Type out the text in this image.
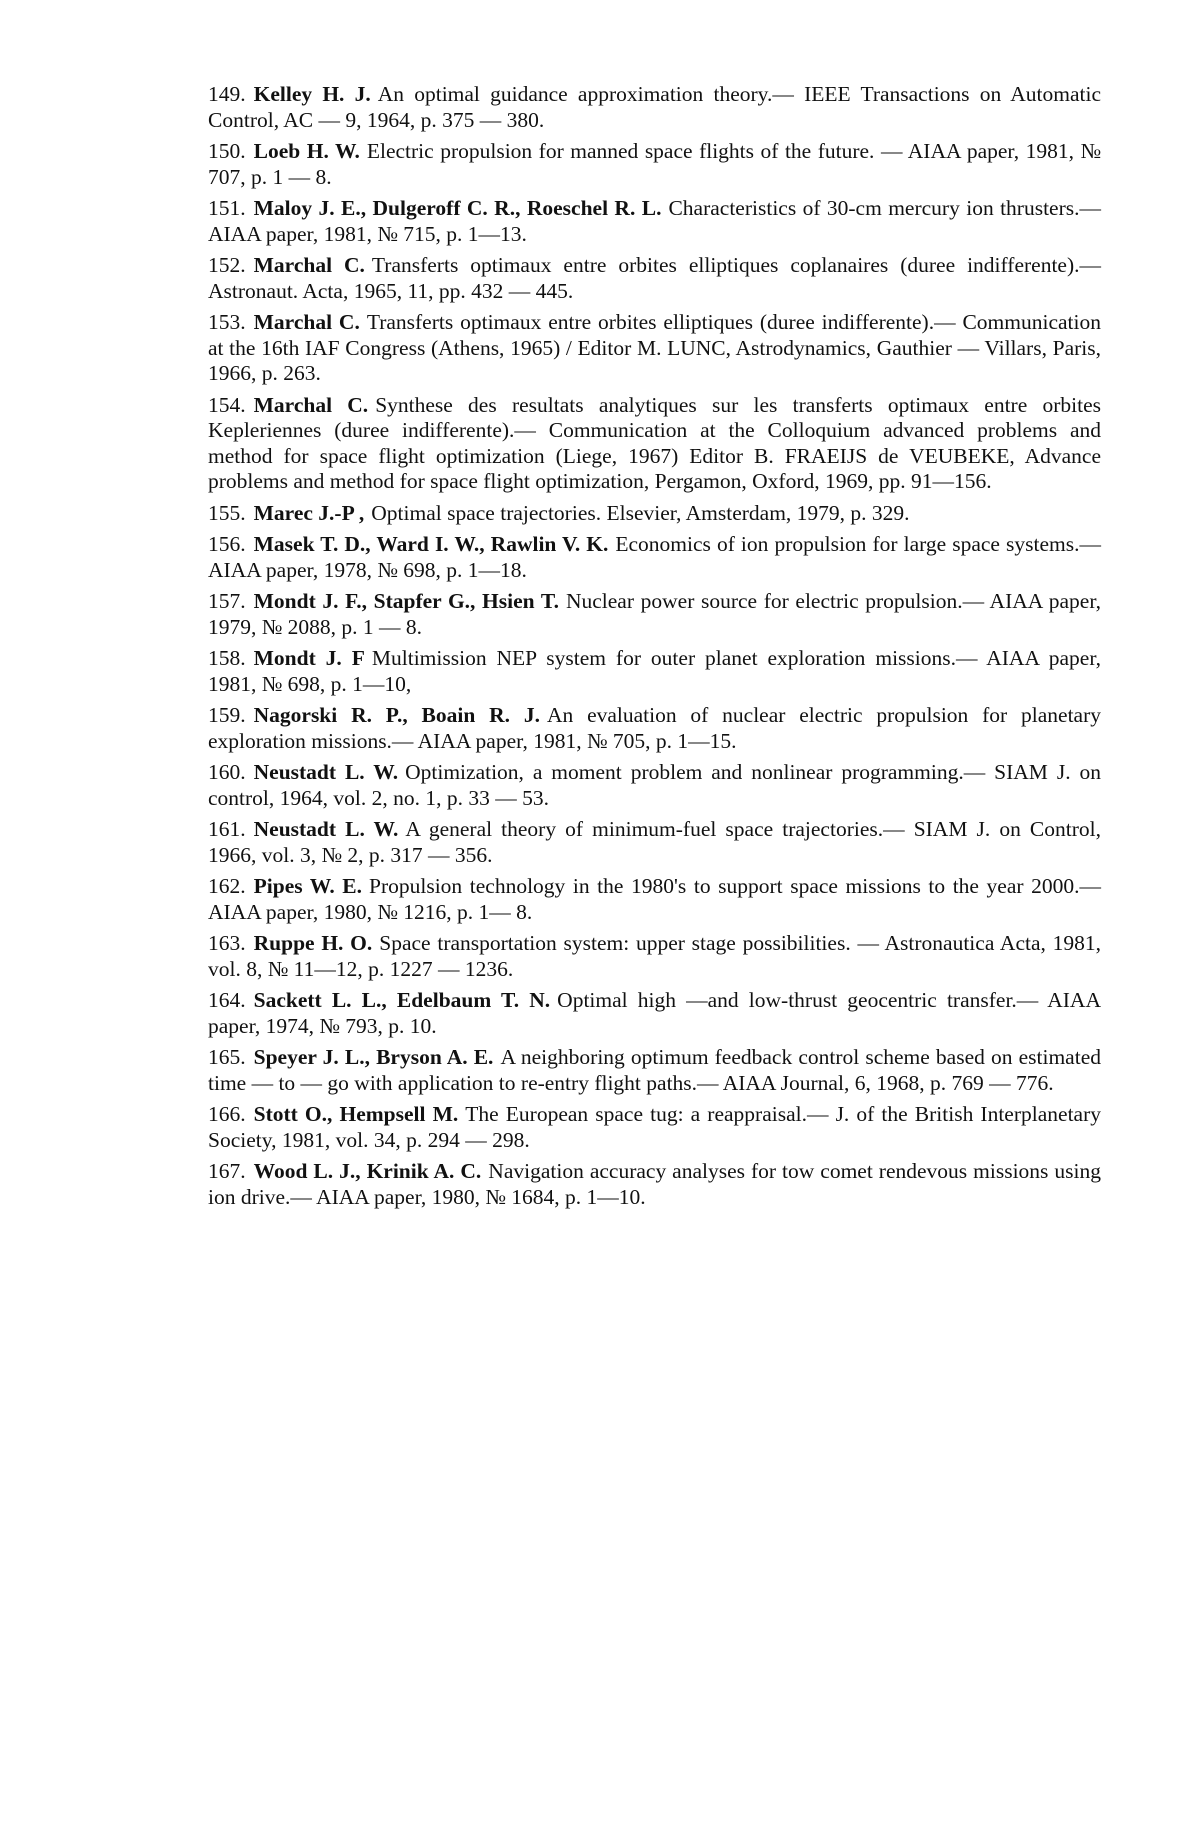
149. Kelley H. J. An optimal guidance approximation theory.— IEEE Transactions on Automatic Control, AC — 9, 1964, p. 375 — 380.

150. Loeb H. W. Electric propulsion for manned space flights of the future. — AIAA paper, 1981, № 707, p. 1 — 8.

151. Maloy J. E., Dulgeroff C. R., Roeschel R. L. Characteristics of 30-cm mercury ion thrusters.— AIAA paper, 1981, № 715, p. 1—13.

152. Marchal C. Transferts optimaux entre orbites elliptiques coplanaires (duree indifferente).—Astronaut. Acta, 1965, 11, pp. 432 — 445.

153. Marchal C. Transferts optimaux entre orbites elliptiques (duree indifferente).— Communication at the 16th IAF Congress (Athens, 1965) / Editor M. LUNC, Astrodynamics, Gauthier — Villars, Paris, 1966, p. 263.

154. Marchal C. Synthese des resultats analytiques sur les transferts optimaux entre orbites Kepleriennes (duree indifferente).— Communication at the Colloquium advanced problems and method for space flight optimization (Liege, 1967) Editor B. FRAEIJS de VEUBEKE, Advance problems and method for space flight optimization, Pergamon, Oxford, 1969, pp. 91—156.

155. Marec J.-P , Optimal space trajectories. Elsevier, Amsterdam, 1979, p. 329.

156. Masek T. D., Ward I. W., Rawlin V. K. Economics of ion propulsion for large space systems.— AIAA paper, 1978, № 698, p. 1—18.

157. Mondt J. F., Stapfer G., Hsien T. Nuclear power source for electric propulsion.— AIAA paper, 1979, № 2088, p. 1 — 8.

158. Mondt J. F Multimission NEP system for outer planet exploration missions.— AIAA paper, 1981, № 698, p. 1—10,

159. Nagorski R. P., Boain R. J. An evaluation of nuclear electric propulsion for planetary exploration missions.— AIAA paper, 1981, № 705, p. 1—15.

160. Neustadt L. W. Optimization, a moment problem and nonlinear programming.— SIAM J. on control, 1964, vol. 2, no. 1, p. 33 — 53.

161. Neustadt L. W. A general theory of minimum-fuel space trajectories.— SIAM J. on Control, 1966, vol. 3, № 2, p. 317 — 356.

162. Pipes W. E. Propulsion technology in the 1980's to support space missions to the year 2000.— AIAA paper, 1980, № 1216, p. 1— 8.

163. Ruppe H. O. Space transportation system: upper stage possibilities. — Astronautica Acta, 1981, vol. 8, № 11—12, p. 1227 — 1236.

164. Sackett L. L., Edelbaum T. N. Optimal high —and low-thrust geocentric transfer.— AIAA paper, 1974, № 793, p. 10.

165. Speyer J. L., Bryson A. E. A neighboring optimum feedback control scheme based on estimated time — to — go with application to re-entry flight paths.— AIAA Journal, 6, 1968, p. 769 — 776.

166. Stott O., Hempsell M. The European space tug: a reappraisal.— J. of the British Interplanetary Society, 1981, vol. 34, p. 294 — 298.

167. Wood L. J., Krinik A. C. Navigation accuracy analyses for tow comet rendevous missions using ion drive.— AIAA paper, 1980, № 1684, p. 1—10.
